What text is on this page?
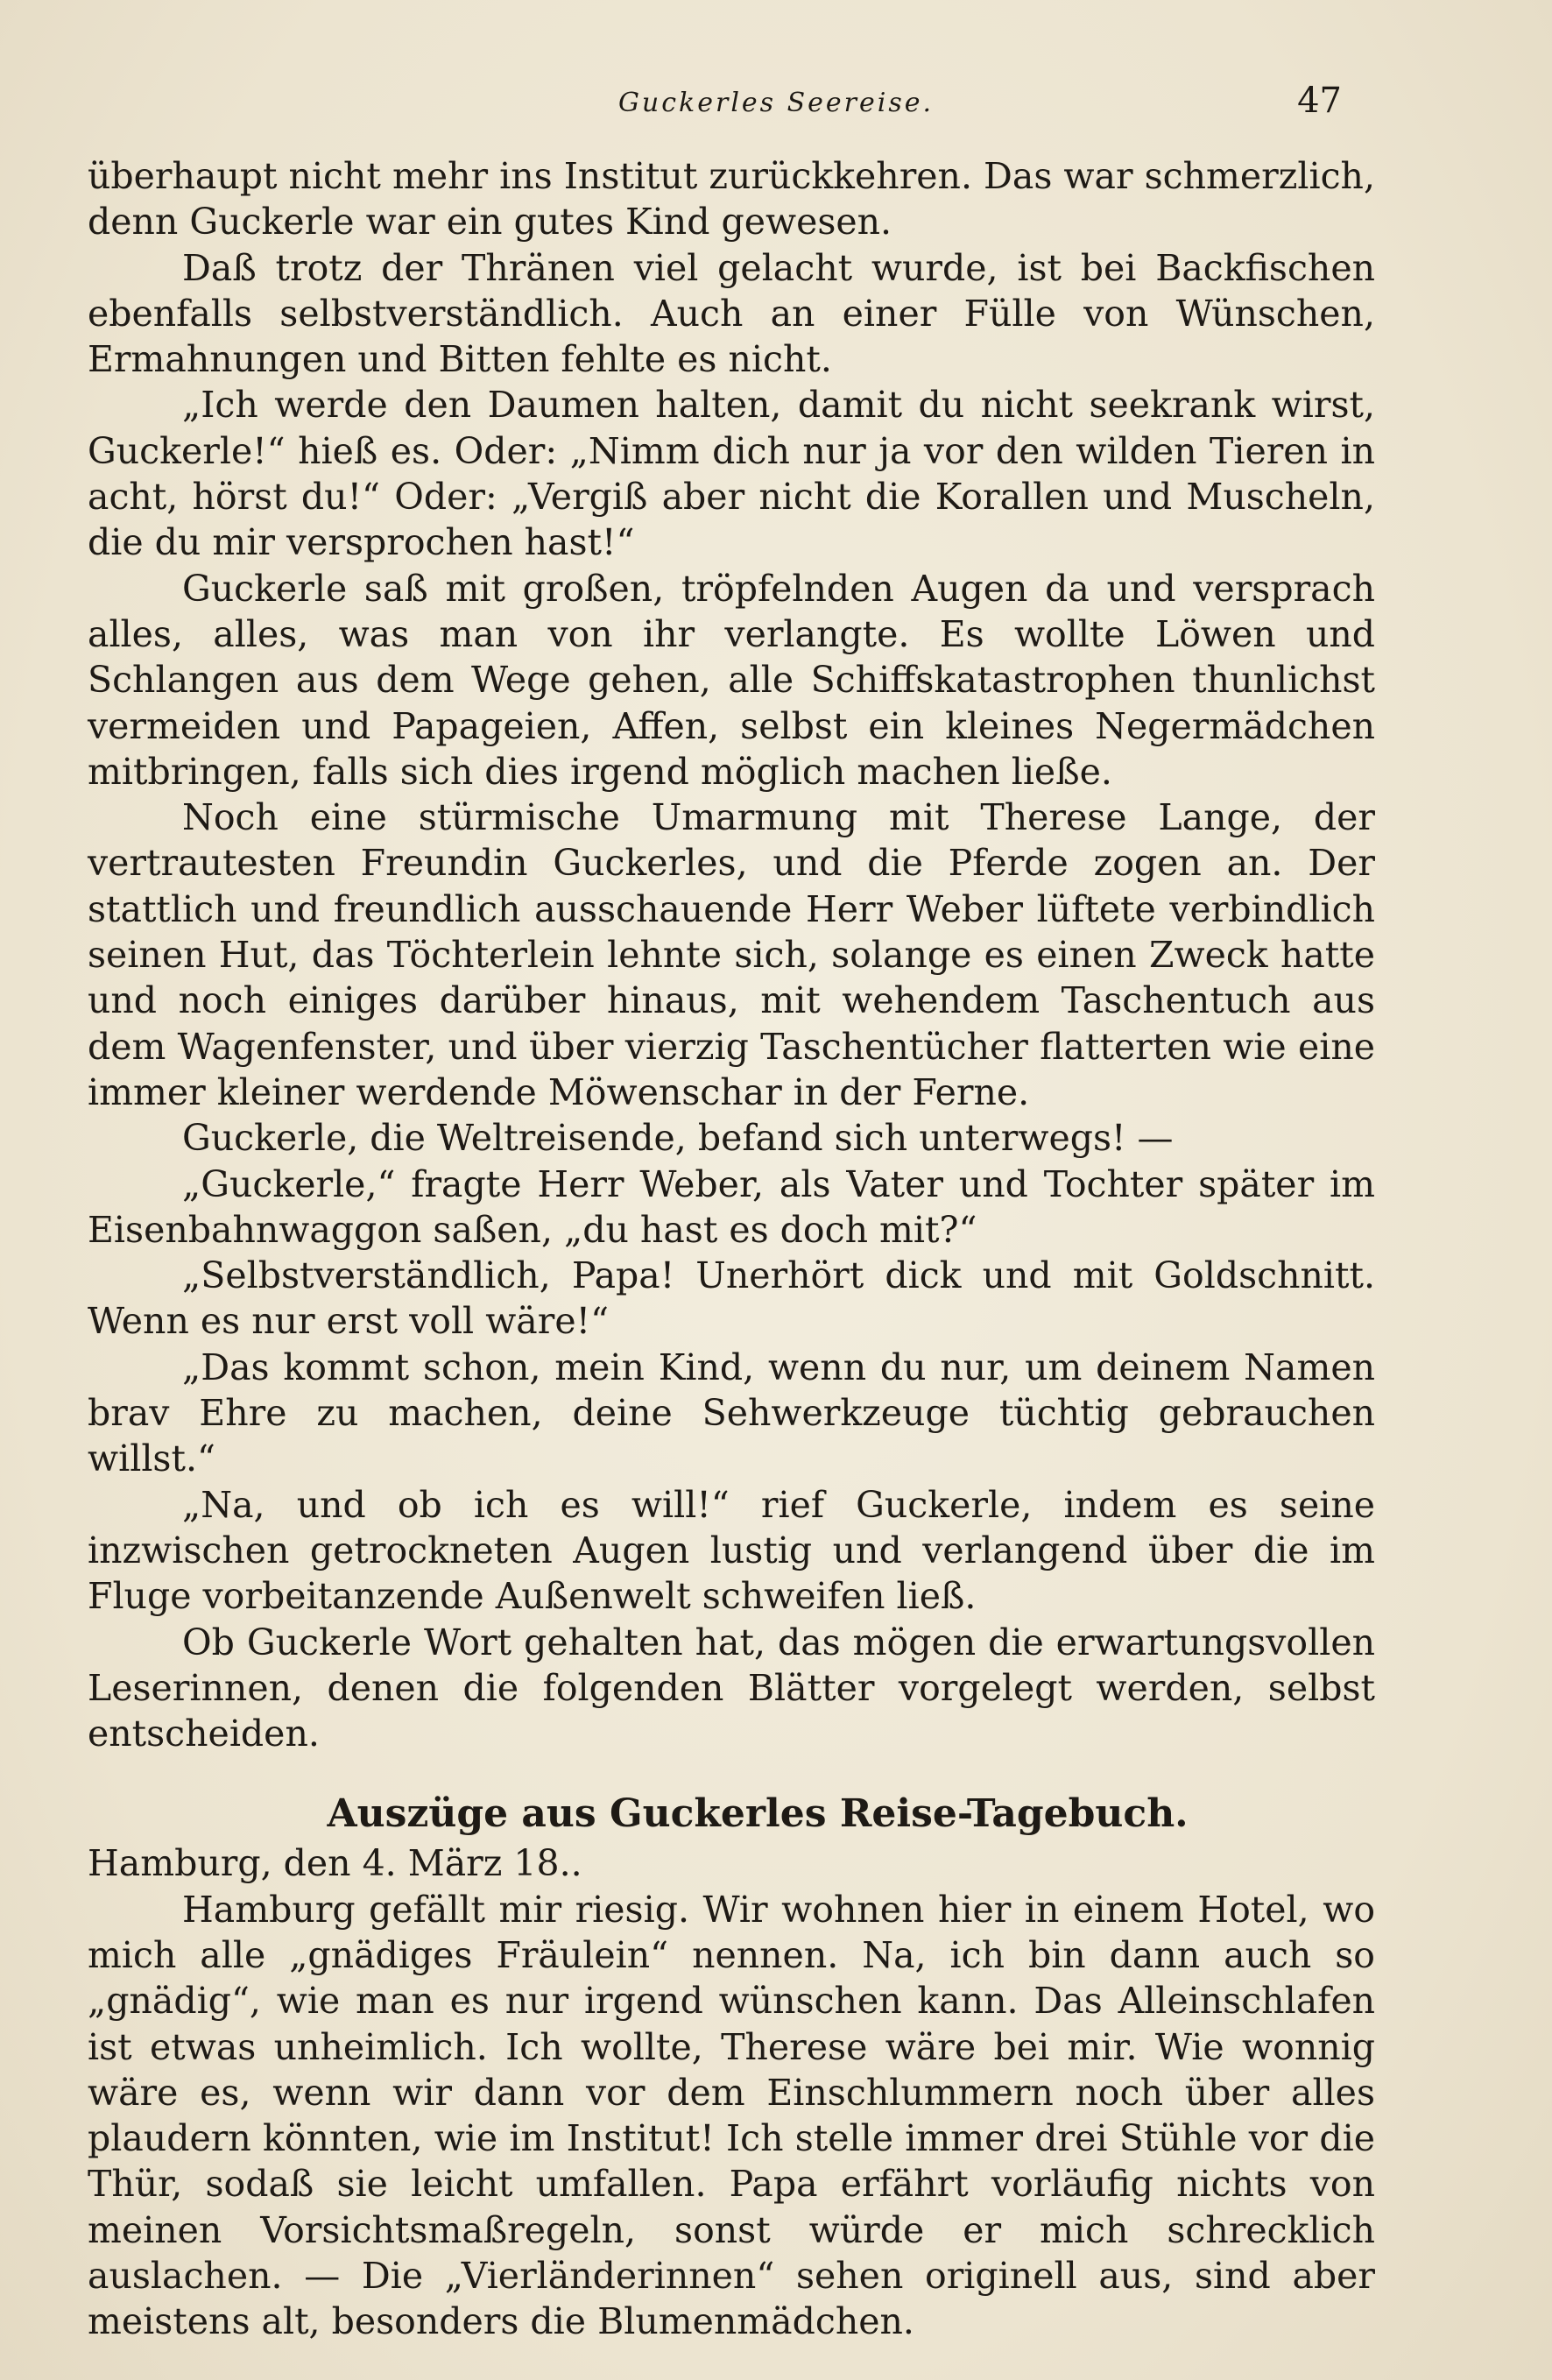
Guckerles Seereise.	47

überhaupt nicht mehr ins Institut zurückkehren. Das war schmerzlich, denn Guckerle war ein gutes Kind gewesen.

Daß trotz der Thränen viel gelacht wurde, ist bei Backfischen ebenfalls selbstverständlich. Auch an einer Fülle von Wünschen, Ermahnungen und Bitten fehlte es nicht.

„Ich werde den Daumen halten, damit du nicht seekrank wirst, Guckerle!“ hieß es. Oder: „Nimm dich nur ja vor den wilden Tieren in acht, hörst du!“ Oder: „Vergiß aber nicht die Korallen und Muscheln, die du mir versprochen hast!“

Guckerle saß mit großen, tröpfelnden Augen da und versprach alles, alles, was man von ihr verlangte. Es wollte Löwen und Schlangen aus dem Wege gehen, alle Schiffskatastrophen thunlichst vermeiden und Papageien, Affen, selbst ein kleines Negermädchen mitbringen, falls sich dies irgend möglich machen ließe.

Noch eine stürmische Umarmung mit Therese Lange, der vertrautesten Freundin Guckerles, und die Pferde zogen an. Der stattlich und freundlich ausschauende Herr Weber lüftete verbindlich seinen Hut, das Töchterlein lehnte sich, solange es einen Zweck hatte und noch einiges darüber hinaus, mit wehendem Taschentuch aus dem Wagenfenster, und über vierzig Taschentücher flatterten wie eine immer kleiner werdende Möwenschar in der Ferne.

Guckerle, die Weltreisende, befand sich unterwegs! —

„Guckerle,“ fragte Herr Weber, als Vater und Tochter später im Eisenbahnwaggon saßen, „du hast es doch mit?“

„Selbstverständlich, Papa! Unerhört dick und mit Goldschnitt. Wenn es nur erst voll wäre!“

„Das kommt schon, mein Kind, wenn du nur, um deinem Namen brav Ehre zu machen, deine Sehwerkzeuge tüchtig gebrauchen willst.“

„Na, und ob ich es will!“ rief Guckerle, indem es seine inzwischen getrockneten Augen lustig und verlangend über die im Fluge vorbeitanzende Außenwelt schweifen ließ.

Ob Guckerle Wort gehalten hat, das mögen die erwartungsvollen Leserinnen, denen die folgenden Blätter vorgelegt werden, selbst entscheiden.

Auszüge aus Guckerles Reise-Tagebuch.

Hamburg, den 4. März 18..

Hamburg gefällt mir riesig. Wir wohnen hier in einem Hotel, wo mich alle „gnädiges Fräulein“ nennen. Na, ich bin dann auch so „gnädig“, wie man es nur irgend wünschen kann. Das Alleinschlafen ist etwas unheimlich. Ich wollte, Therese wäre bei mir. Wie wonnig wäre es, wenn wir dann vor dem Einschlummern noch über alles plaudern könnten, wie im Institut! Ich stelle immer drei Stühle vor die Thür, sodaß sie leicht umfallen. Papa erfährt vorläufig nichts von meinen Vorsichtsmaßregeln, sonst würde er mich schrecklich auslachen. — Die „Vierländerinnen“ sehen originell aus, sind aber meistens alt, besonders die Blumenmädchen.
